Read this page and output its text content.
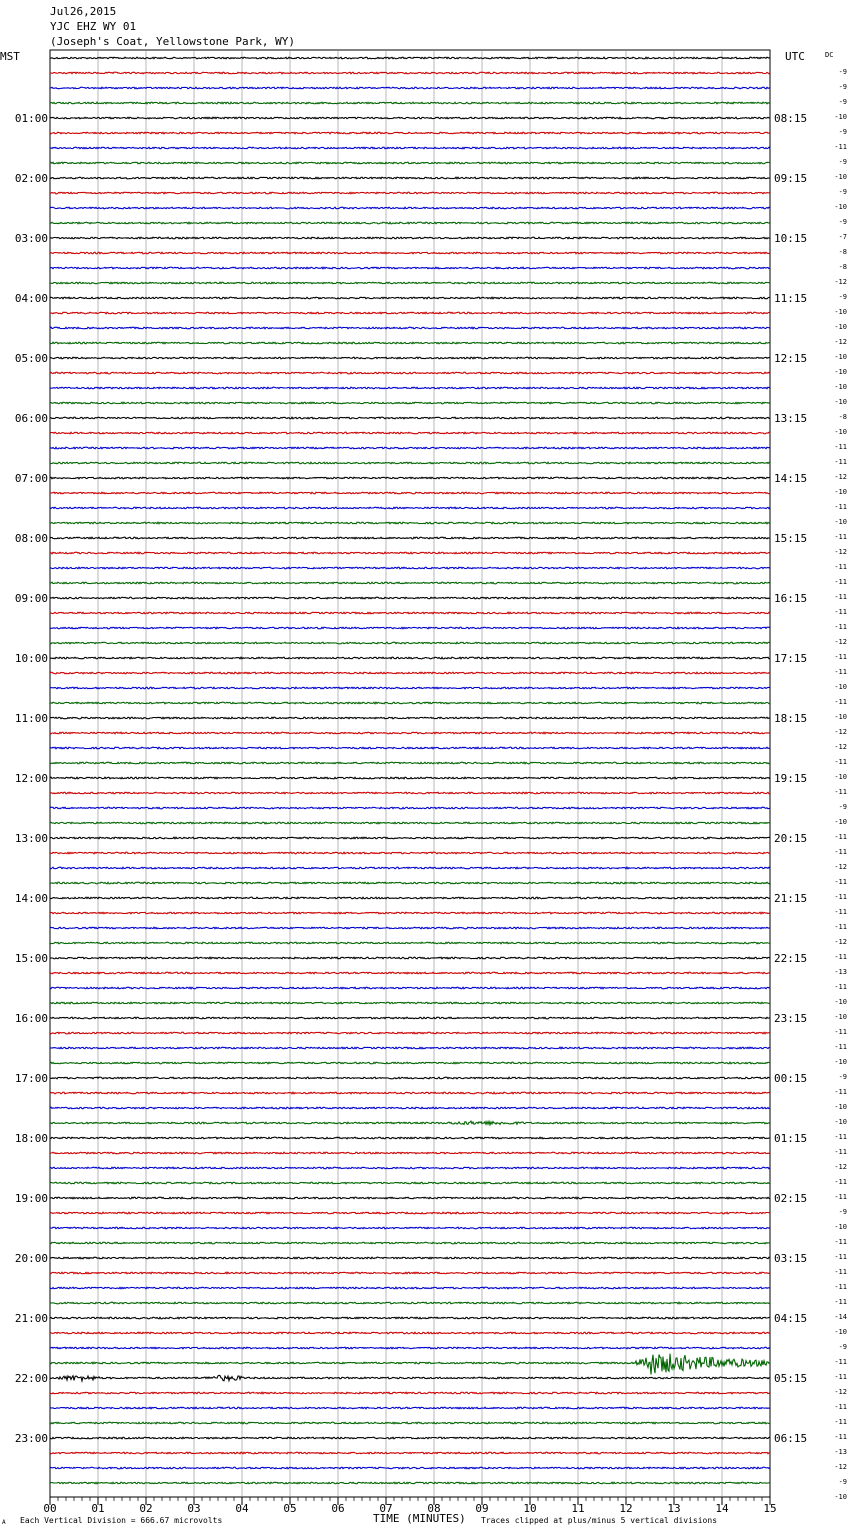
Jul26,2015
YJC EHZ WY 01
(Joseph's Coat, Yellowstone Park, WY)
MST	UTC	DC
-9
-9
-9
-10
-9
-11
-9
-10
-9
-10
-9
-7
-8
-8
-12
-9
-10
-10
-12
-10
-10
-10
-10
-8
-10
-11
-11
-12
-10
-11
-10
-11
-12
-11
-11
-11
-11
-11
-12
-11
-11
-10
-11
-10
-12
-12
-11
-10
-11
-9
-10
-11
-11
-12
-11
-11
-11
-11
-12
-11
-13
-11
-10
-10
-11
-11
-10
-9
-11
-10
-10
-11
-11
-12
-11
-11
-9
-10
-11
-11
-11
-11
-11
-14
-10
-9
-11
-11
-12
-11
-11
-11
-13
-12
-9
-10
01:00
02:00
03:00
04:00
05:00
06:00
07:00
08:00
09:00
10:00
11:00
12:00
13:00
14:00
15:00
16:00
17:00
18:00
19:00
20:00
21:00
22:00
23:00
08:15
09:15
10:15
11:15
12:15
13:15
14:15
15:15
16:15
17:15
18:15
19:15
20:15
21:15
22:15
23:15
00:15
01:15
02:15
03:15
04:15
05:15
06:15
00	01	02	03	04	05	06	07	08	09	10	11	12	13	14	15
A Each Vertical Division = 666.67 microvolts	TIME (MINUTES) Traces clipped at plus/minus 5 vertical divisions
